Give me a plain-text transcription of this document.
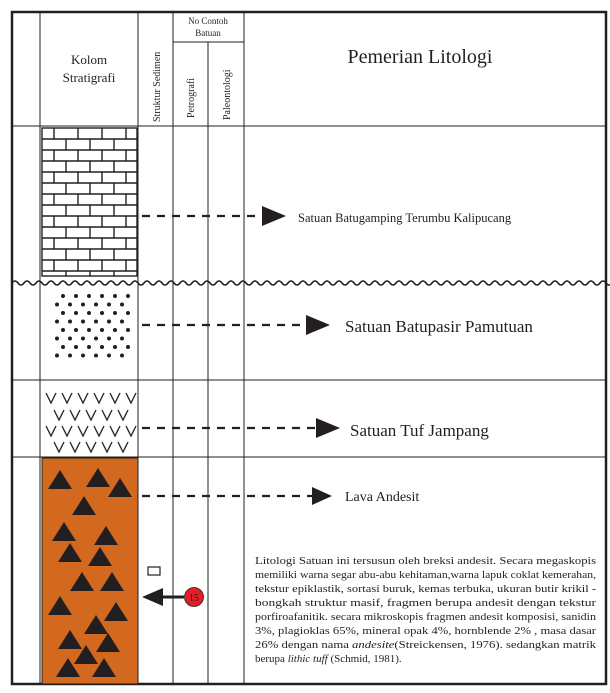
Kolom
Stratigrafi	Struktur Sedimen
No Contoh
Batuan
Petrografi	Paleontologi
Pemerian Litologi
Satuan Batugamping Terumbu Kalipucang
Satuan Batupasir Pamutuan
Satuan Tuf Jampang
Lava Andesit
15
Litologi Satuan ini tersusun oleh breksi andesit. Secara megaskopis
memiliki warna segar abu-abu kehitaman,warna lapuk coklat kemerahan,
tekstur epiklastik, sortasi buruk, kemas terbuka, ukuran butir krikil -
bongkah struktur masif, fragmen berupa andesit dengan tekstur
porfiroafanitik. secara mikroskopis fragmen andesit komposisi, sanidin
3%, plagioklas 65%, mineral opak 4%, hornblende 2% , masa dasar
26% dengan nama andesite (Streickensen, 1976). sedangkan matrik
berupa lithic tuff (Schmid, 1981).
